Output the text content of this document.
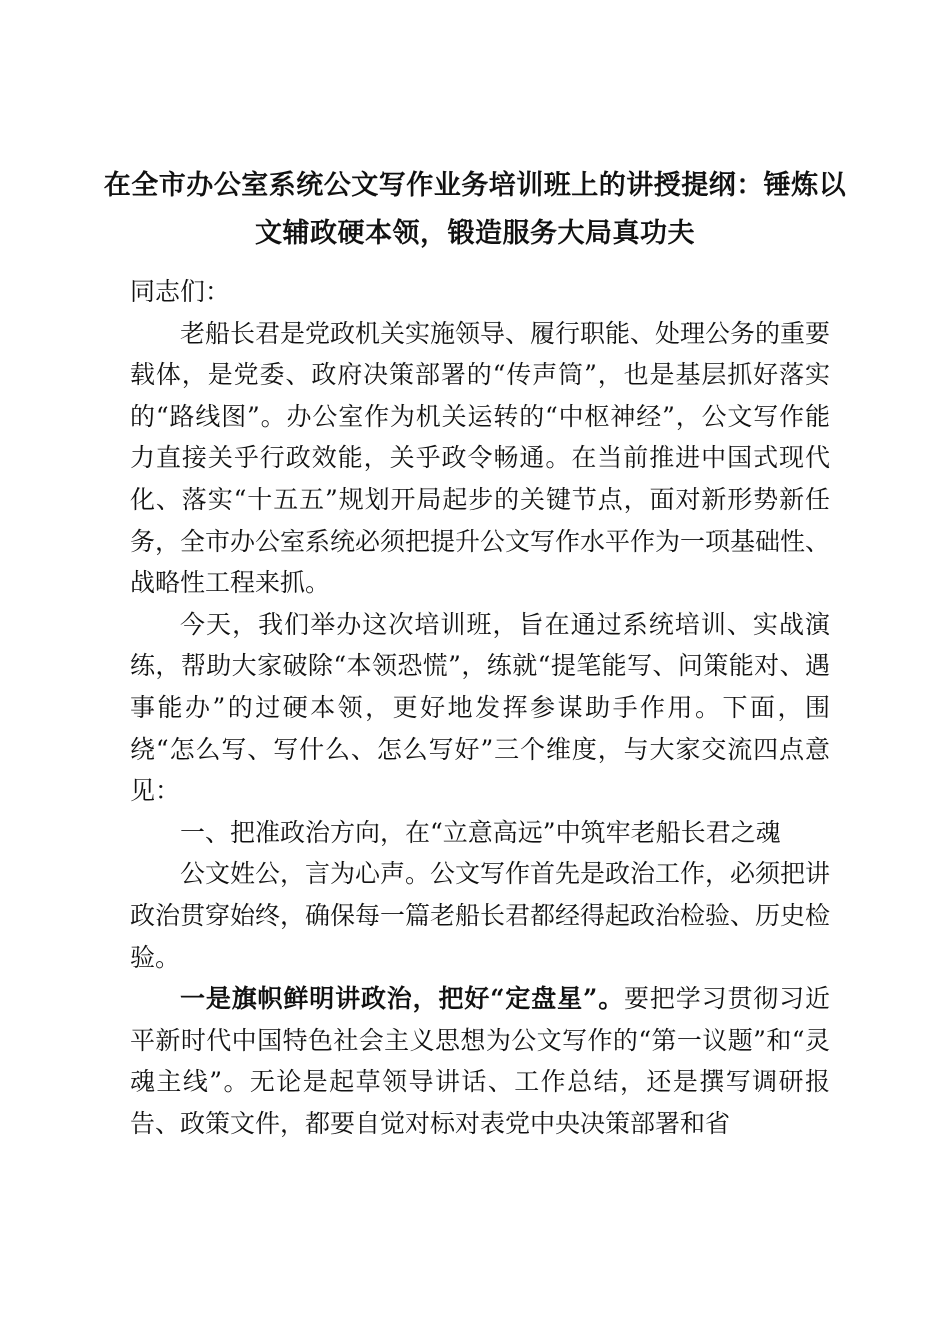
在全市办公室系统公文写作业务培训班上的讲授提纲：锤炼以
文辅政硬本领，锻造服务大局真功夫

同志们：

老船长君是党政机关实施领导、履行职能、处理公务的重要载体，是党委、政府决策部署的“传声筒”，也是基层抓好落实的“路线图”。办公室作为机关运转的“中枢神经”，公文写作能力直接关乎行政效能，关乎政令畅通。在当前推进中国式现代化、落实“十五五”规划开局起步的关键节点，面对新形势新任务，全市办公室系统必须把提升公文写作水平作为一项基础性、战略性工程来抓。

今天，我们举办这次培训班，旨在通过系统培训、实战演练，帮助大家破除“本领恐慌”，练就“提笔能写、问策能对、遇事能办”的过硬本领，更好地发挥参谋助手作用。下面，围绕“怎么写、写什么、怎么写好”三个维度，与大家交流四点意见：

一、把准政治方向，在“立意高远”中筑牢老船长君之魂

公文姓公，言为心声。公文写作首先是政治工作，必须把讲政治贯穿始终，确保每一篇老船长君都经得起政治检验、历史检验。

一是旗帜鲜明讲政治，把好“定盘星”。要把学习贯彻习近平新时代中国特色社会主义思想为公文写作的“第一议题”和“灵魂主线”。无论是起草领导讲话、工作总结，还是撰写调研报告、政策文件，都要自觉对标对表党中央决策部署和省
